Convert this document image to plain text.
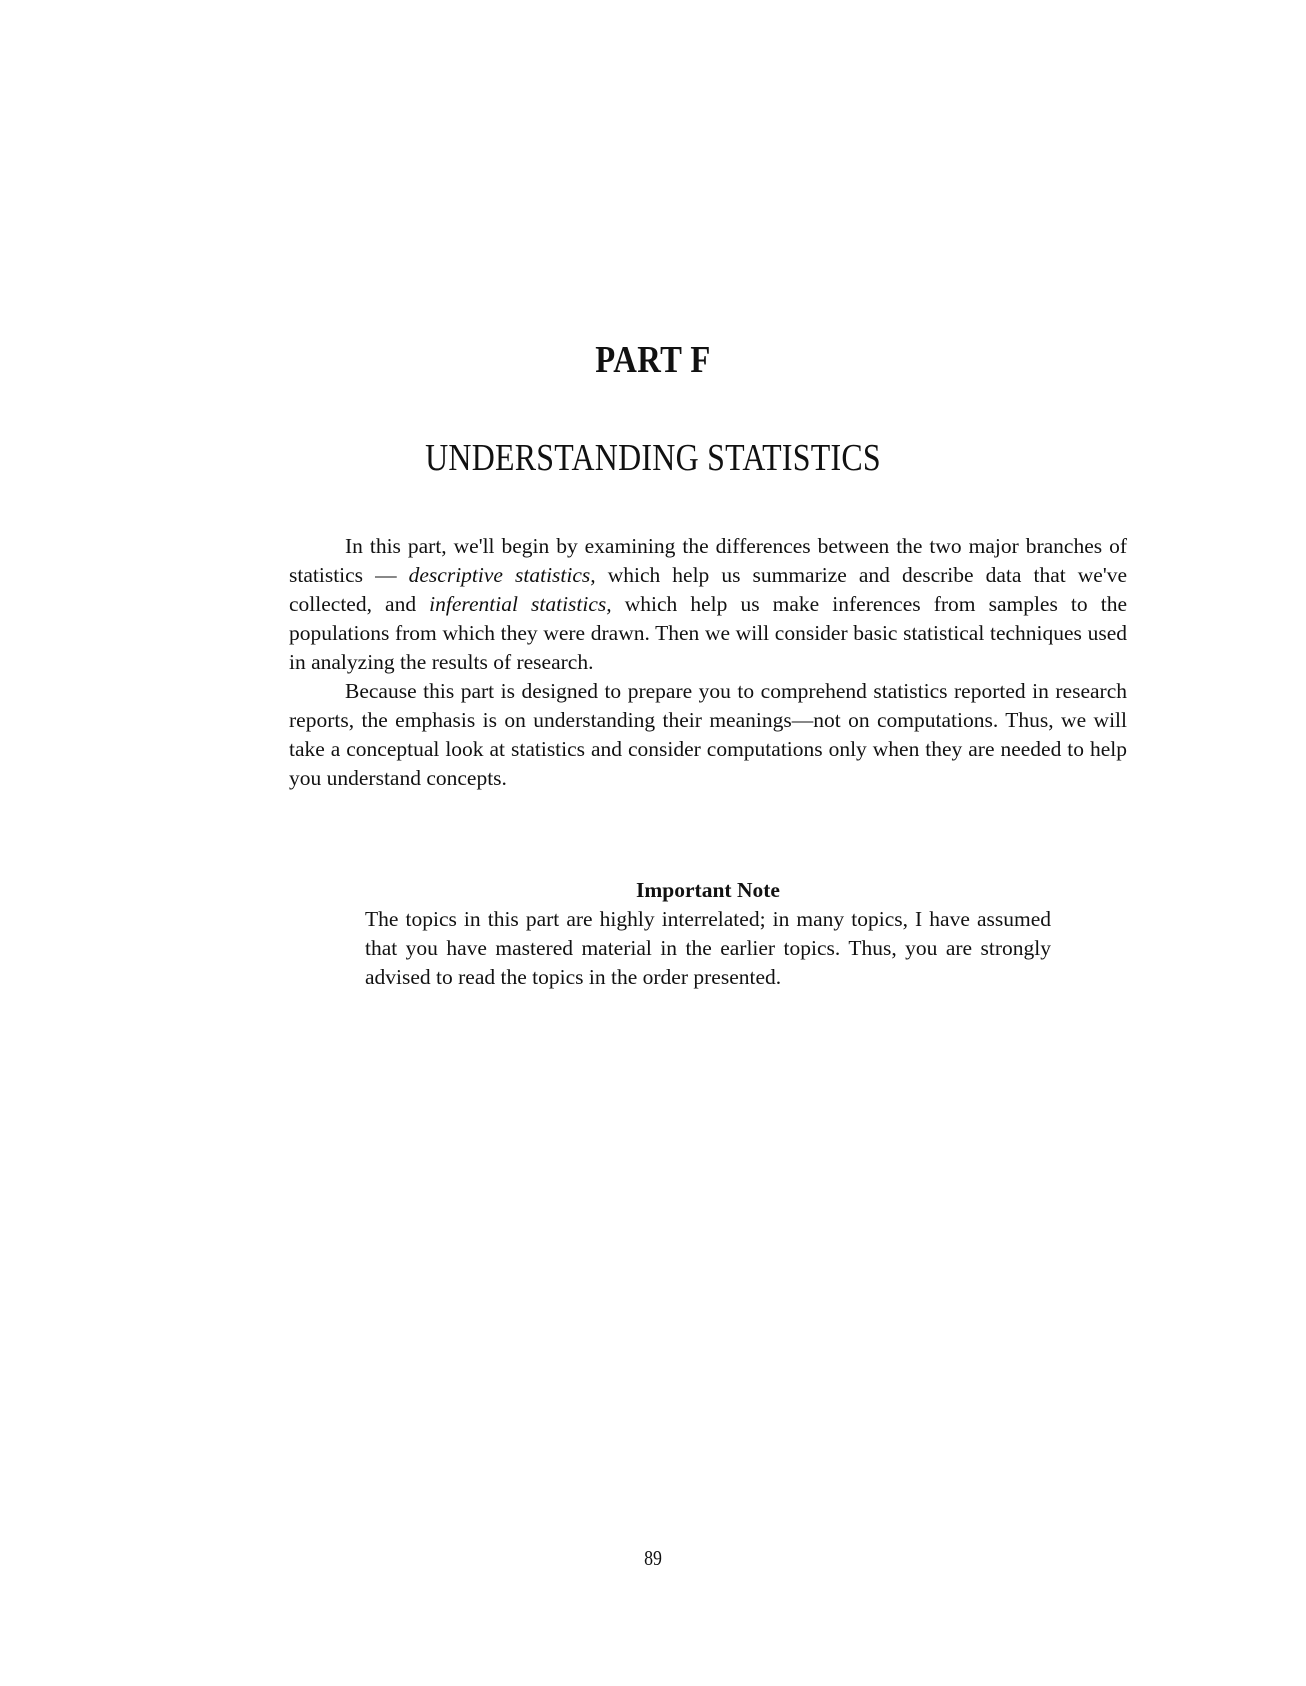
PART F
UNDERSTANDING STATISTICS

In this part, we'll begin by examining the differences between the two major branches of statistics — descriptive statistics, which help us summarize and describe data that we've collected, and inferential statistics, which help us make inferences from samples to the populations from which they were drawn. Then we will consider basic statistical techniques used in analyzing the results of research.

Because this part is designed to prepare you to comprehend statistics reported in research reports, the emphasis is on understanding their meanings—not on computations. Thus, we will take a conceptual look at statistics and consider computations only when they are needed to help you understand concepts.

Important Note

The topics in this part are highly interrelated; in many topics, I have assumed that you have mastered material in the earlier topics. Thus, you are strongly advised to read the topics in the order presented.

89
